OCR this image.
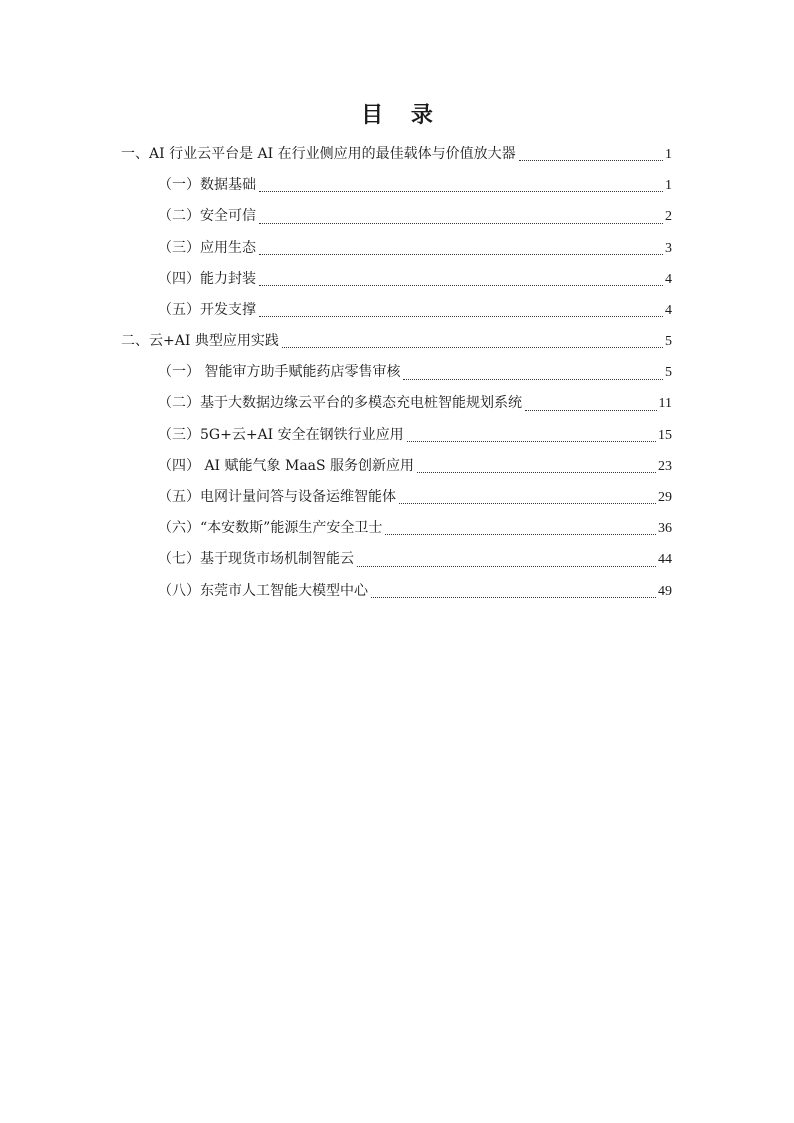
目 录
一、AI 行业云平台是 AI 在行业侧应用的最佳载体与价值放大器	1
（一）数据基础	1
（二）安全可信	2
（三）应用生态	3
（四）能力封装	4
（五）开发支撑	4
二、云+AI 典型应用实践	5
（一） 智能审方助手赋能药店零售审核	5
（二）基于大数据边缘云平台的多模态充电桩智能规划系统	11
（三）5G+云+AI 安全在钢铁行业应用	15
（四） AI 赋能气象 MaaS 服务创新应用	23
（五）电网计量问答与设备运维智能体	29
（六）“本安数斯”能源生产安全卫士	36
（七）基于现货市场机制智能云	44
（八）东莞市人工智能大模型中心	49
